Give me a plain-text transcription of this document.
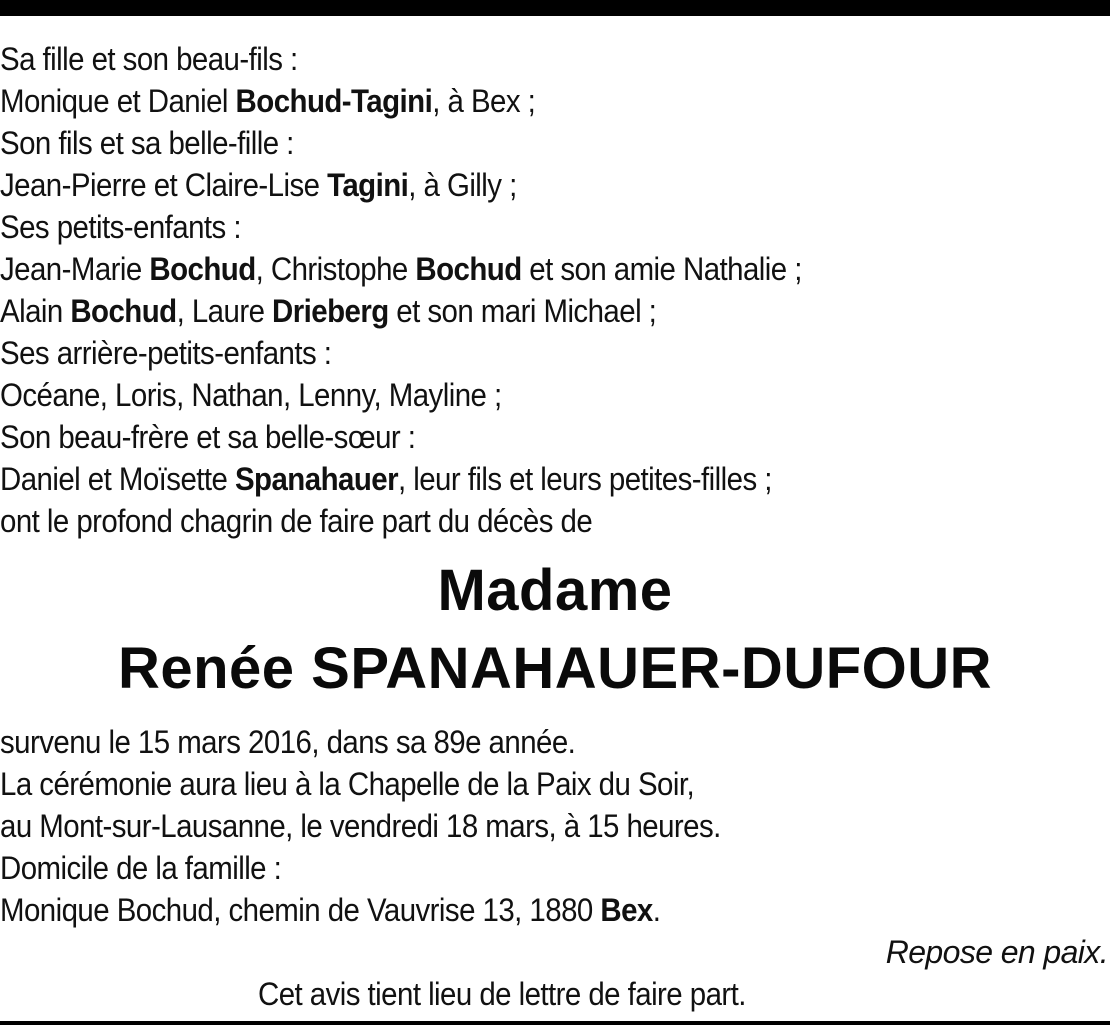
Sa fille et son beau-fils :
Monique et Daniel Bochud-Tagini, à Bex ;
Son fils et sa belle-fille :
Jean-Pierre et Claire-Lise Tagini, à Gilly ;
Ses petits-enfants :
Jean-Marie Bochud, Christophe Bochud et son amie Nathalie ;
Alain Bochud, Laure Drieberg et son mari Michael ;
Ses arrière-petits-enfants :
Océane, Loris, Nathan, Lenny, Mayline ;
Son beau-frère et sa belle-sœur :
Daniel et Moïsette Spanahauer, leur fils et leurs petites-filles ;
ont le profond chagrin de faire part du décès de
Madame
Renée SPANAHAUER-DUFOUR
survenu le 15 mars 2016, dans sa 89e année.
La cérémonie aura lieu à la Chapelle de la Paix du Soir,
au Mont-sur-Lausanne, le vendredi 18 mars, à 15 heures.
Domicile de la famille :
Monique Bochud, chemin de Vauvrise 13, 1880 Bex.
Repose en paix.
Cet avis tient lieu de lettre de faire part.
